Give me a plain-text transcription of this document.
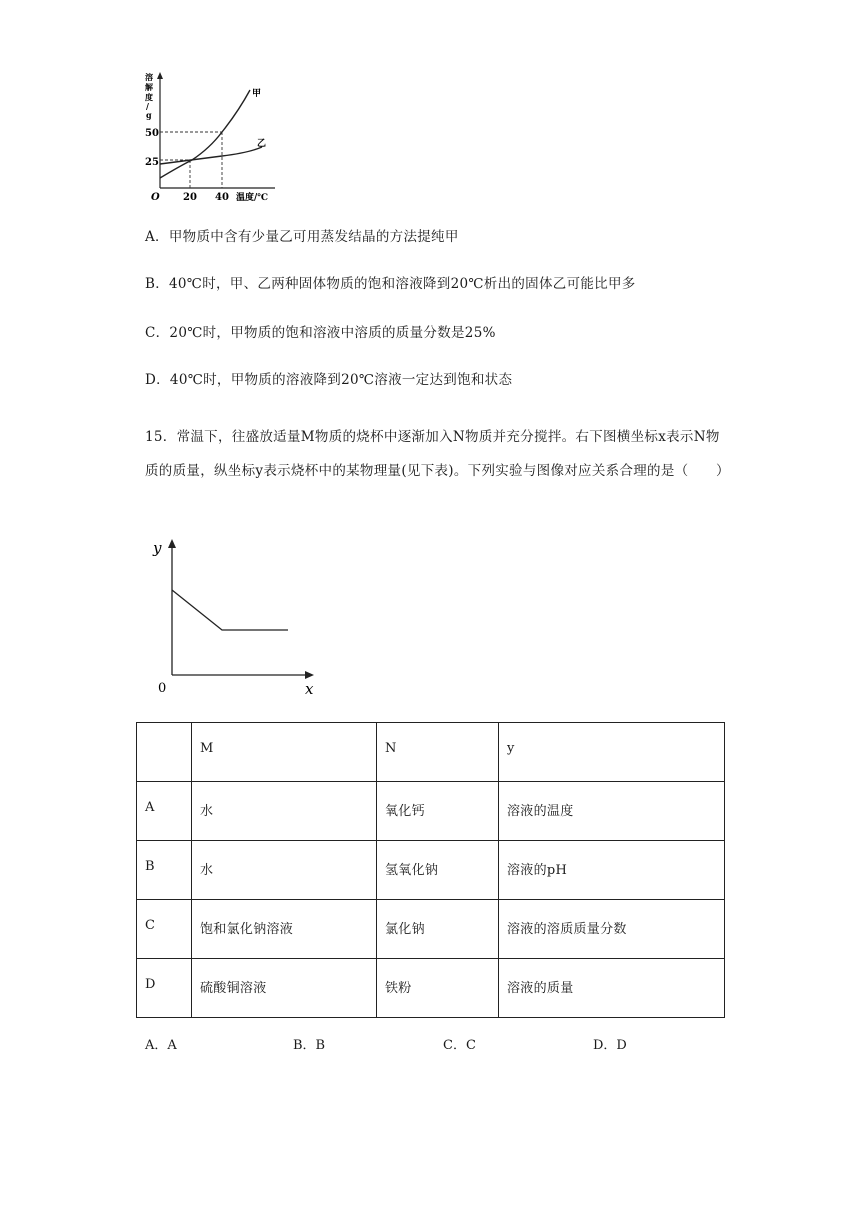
溶
解
度
/
g
50
25
甲
乙
O 20 40 温度/℃
A．甲物质中含有少量乙可用蒸发结晶的方法提纯甲
B．40℃时，甲、乙两种固体物质的饱和溶液降到20℃析出的固体乙可能比甲多
C．20℃时，甲物质的饱和溶液中溶质的质量分数是25%
D．40℃时，甲物质的溶液降到20℃溶液一定达到饱和状态
15．常温下，往盛放适量M物质的烧杯中逐渐加入N物质并充分搅拌。右下图横坐标x表示N物质的质量，纵坐标y表示烧杯中的某物理量(见下表)。下列实验与图像对应关系合理的是（　　）
y
0	x
	M	N	y
A	水	氧化钙	溶液的温度
B	水	氢氧化钠	溶液的pH
C	饱和氯化钠溶液	氯化钠	溶液的溶质质量分数
D	硫酸铜溶液	铁粉	溶液的质量
A．A	B．B	C．C	D．D
